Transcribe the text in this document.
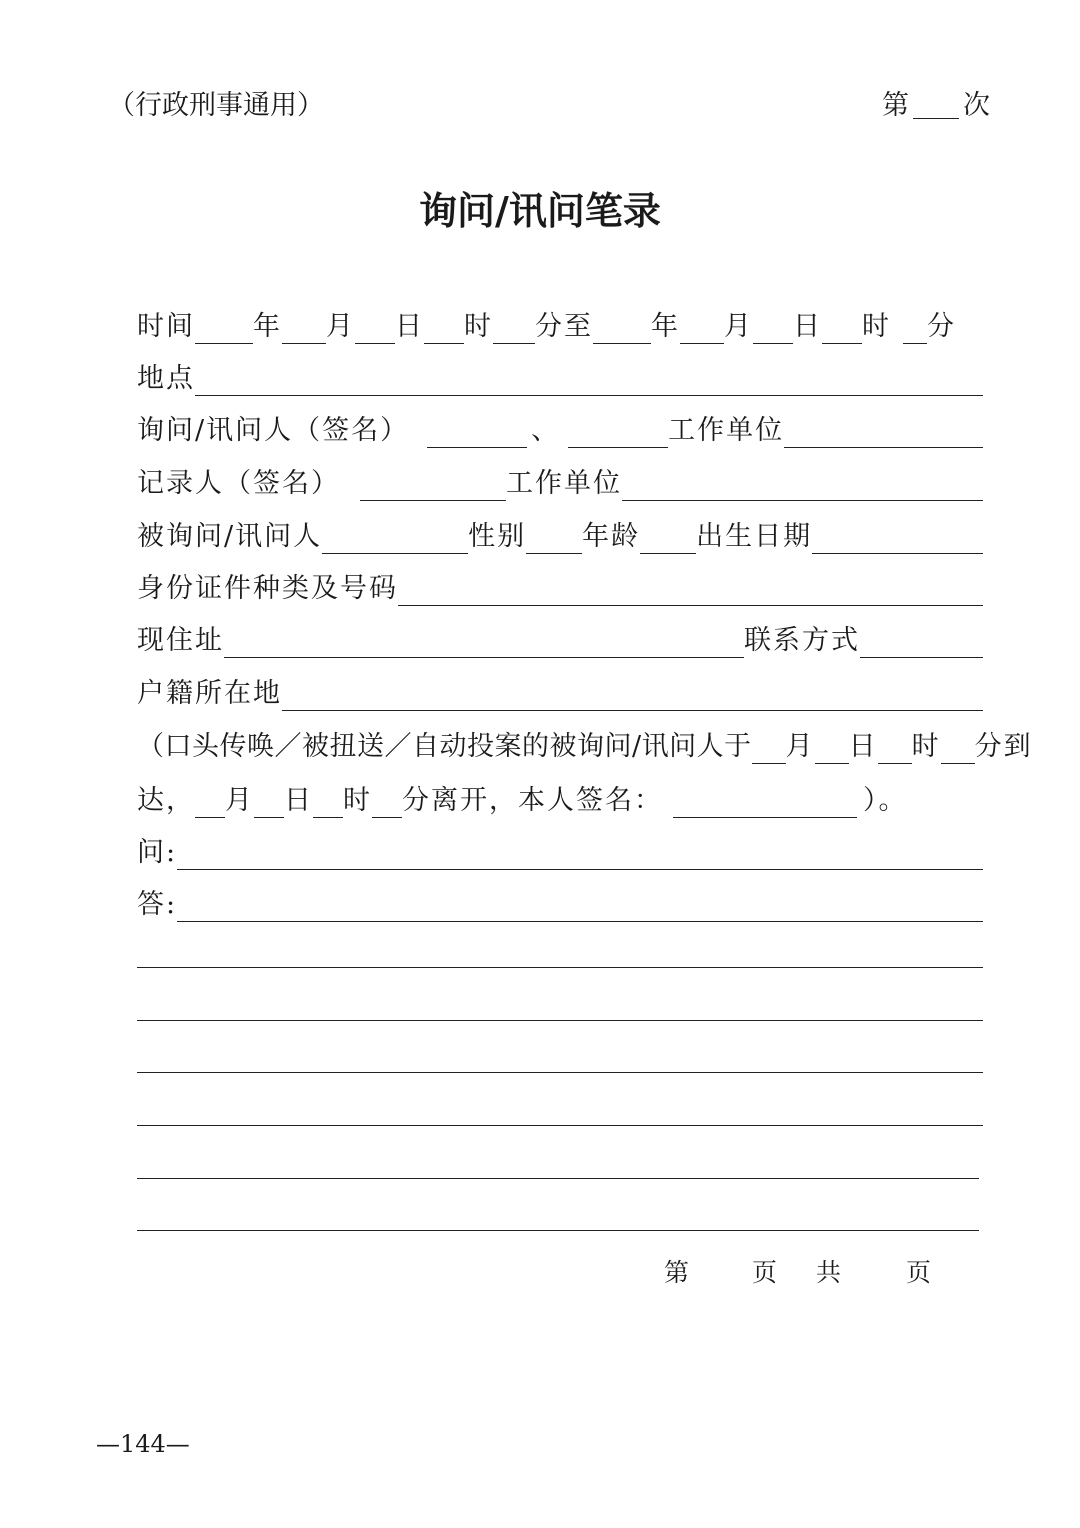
（行政刑事通用）	第 次
询问/讯问笔录
时间 年 月 日 时 分至 年 月 日 时 分
地点
询问/讯问人（签名）	、	工作单位
记录人（签名）	工作单位
被询问/讯问人	性别 年龄 出生日期
身份证件种类及号码
现住址	联系方式
户籍所在地
（口头传唤／被扭送／自动投案的被询问/讯问人于 月 日 时 分到
达， 月 日 时 分离开，本人签名：	）。
问:
答:
第	页 共	页
—144—
